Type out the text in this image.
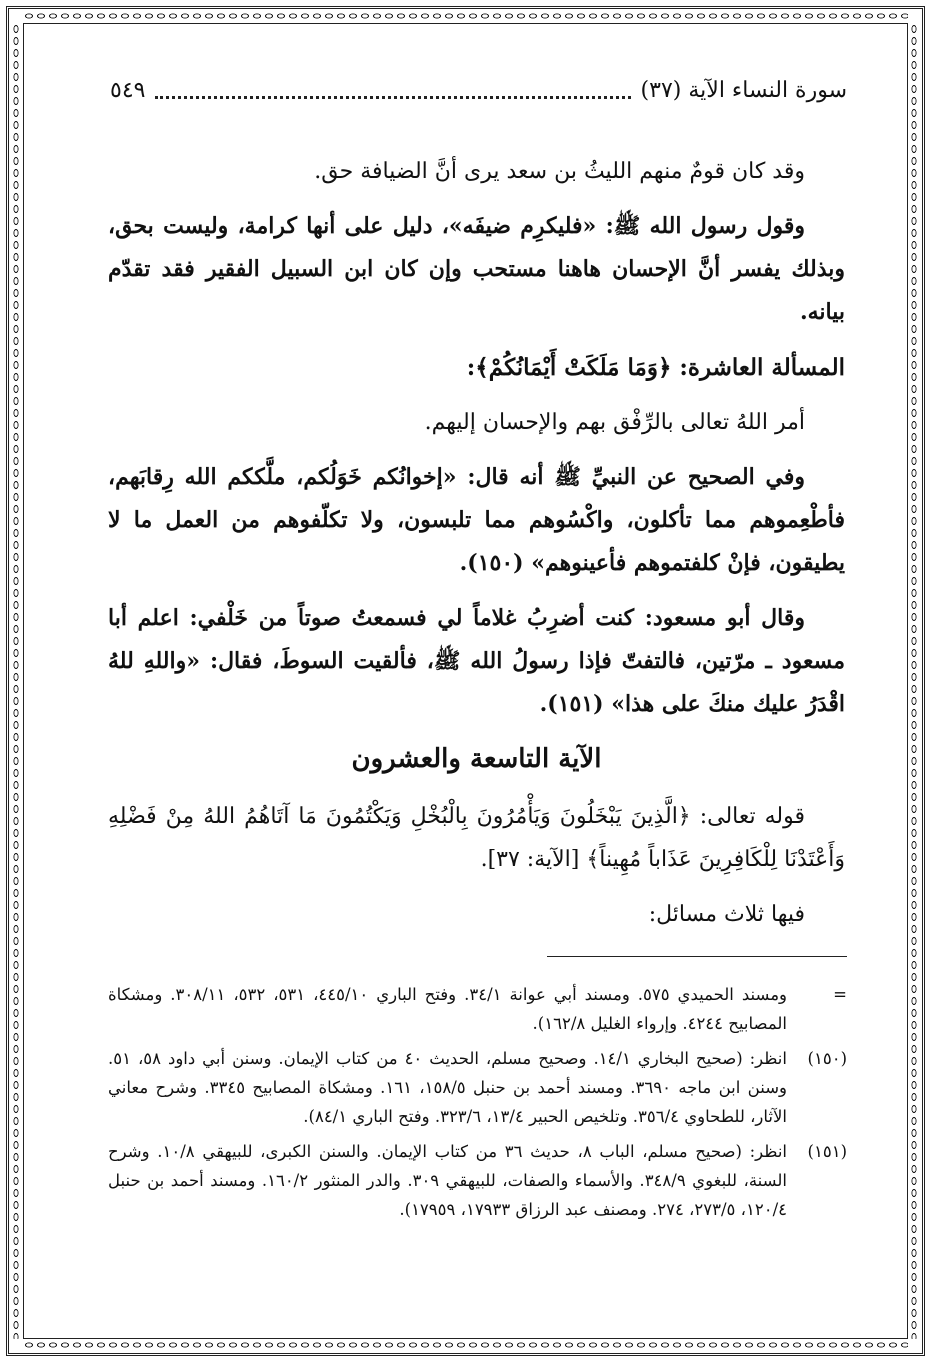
سورة النساء الآية (٣٧)
٥٤٩

وقد كان قومٌ منهم الليثُ بن سعد يرى أنَّ الضيافة حق.

وقول رسول الله ﷺ: «فليكرِم ضيفَه»، دليل على أنها كرامة، وليست بحق، وبذلك يفسر أنَّ الإحسان هاهنا مستحب وإن كان ابن السبيل الفقير فقد تقدّم بيانه.

المسألة العاشرة: ﴿وَمَا مَلَكَتْ أَيْمَانُكُمْ﴾:

أمر اللهُ تعالى بالرِّفْق بهم والإحسان إليهم.

وفي الصحيح عن النبيِّ ﷺ أنه قال: «إخوانُكم خَوَلُكم، ملَّككم الله رِقابَهم، فأطْعِموهم مما تأكلون، واكْسُوهم مما تلبسون، ولا تكلّفوهم من العمل ما لا يطيقون، فإنْ كلفتموهم فأعينوهم» (١٥٠).

وقال أبو مسعود: كنت أضرِبُ غلاماً لي فسمعتُ صوتاً من خَلْفي: اعلم أبا مسعود ـ مرّتين، فالتفتّ فإذا رسولُ الله ﷺ، فألقيت السوطَ، فقال: «واللهِ للهُ اقْدَرُ عليك منكَ على هذا» (١٥١).

الآية التاسعة والعشرون

قوله تعالى: ﴿الَّذِينَ يَبْخَلُونَ وَيَأْمُرُونَ بِالْبُخْلِ وَيَكْتُمُونَ مَا آتَاهُمُ اللهُ مِنْ فَضْلِهِ وَأَعْتَدْنَا لِلْكَافِرِينَ عَذَاباً مُهِيناً﴾ [الآية: ٣٧].

فيها ثلاث مسائل:

=
ومسند الحميدي ٥٧٥. ومسند أبي عوانة ٣٤/١. وفتح الباري ٤٤٥/١٠، ٥٣١، ٥٣٢، ٣٠٨/١١. ومشكاة المصابيح ٤٢٤٤. وإرواء الغليل ١٦٢/٨).
(١٥٠)
انظر: (صحيح البخاري ١٤/١. وصحيح مسلم، الحديث ٤٠ من كتاب الإيمان. وسنن أبي داود ٥٨، ٥١. وسنن ابن ماجه ٣٦٩٠. ومسند أحمد بن حنبل ١٥٨/٥، ١٦١. ومشكاة المصابيح ٣٣٤٥. وشرح معاني الآثار، للطحاوي ٣٥٦/٤. وتلخيص الحبير ١٣/٤، ٣٢٣/٦. وفتح الباري ٨٤/١).
(١٥١)
انظر: (صحيح مسلم، الباب ٨، حديث ٣٦ من كتاب الإيمان. والسنن الكبرى، للبيهقي ١٠/٨. وشرح السنة، للبغوي ٣٤٨/٩. والأسماء والصفات، للبيهقي ٣٠٩. والدر المنثور ١٦٠/٢. ومسند أحمد بن حنبل ١٢٠/٤، ٢٧٣/٥، ٢٧٤. ومصنف عبد الرزاق ١٧٩٣٣، ١٧٩٥٩).
